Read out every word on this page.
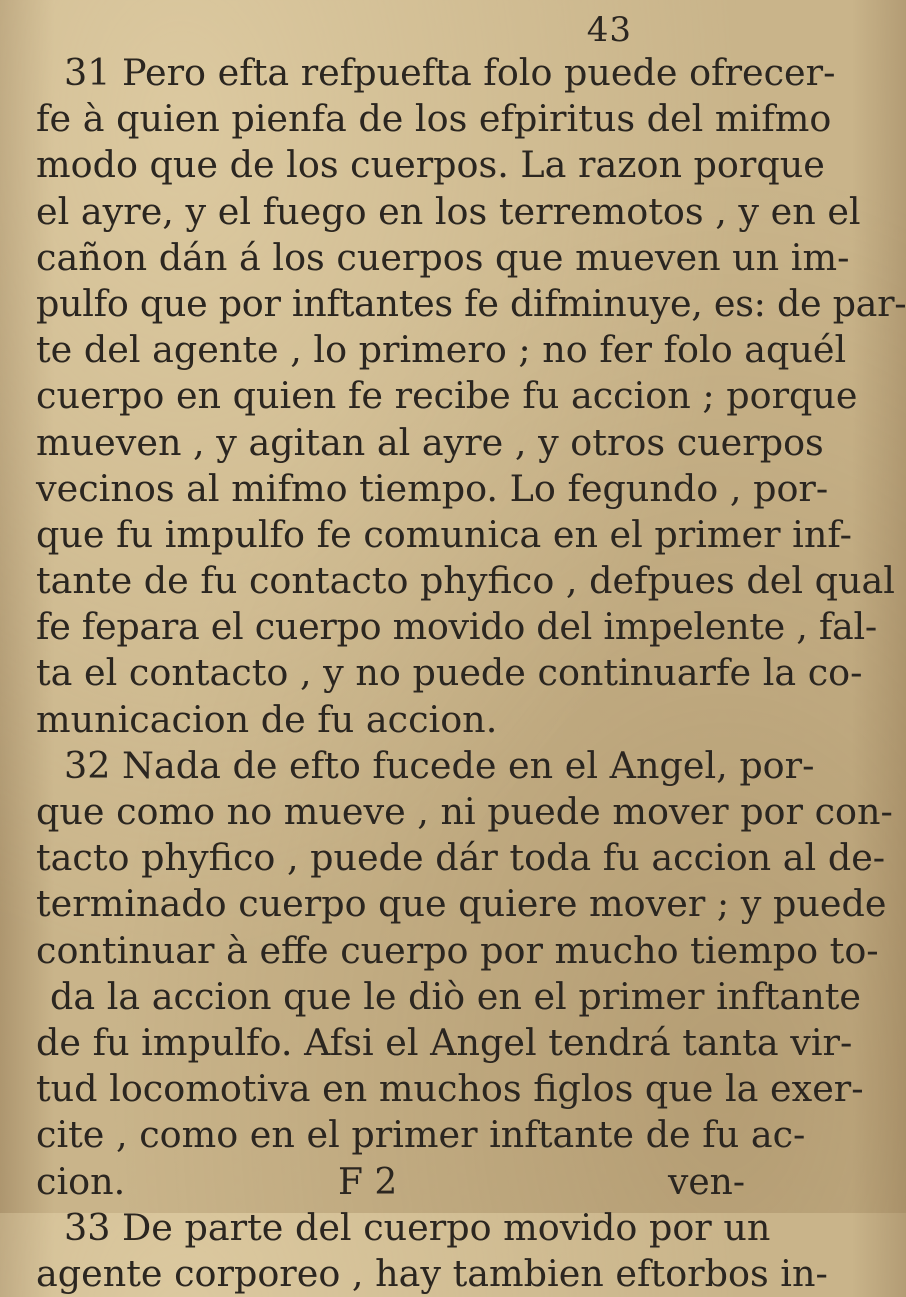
43
31 Pero efta refpuefta folo puede ofrecer-
fe à quien pienfa de los efpiritus del mifmo
modo que de los cuerpos. La razon porque
el ayre, y el fuego en los terremotos , y en el
cañon dán á los cuerpos que mueven un im-
pulfo que por inftantes fe difminuye, es: de par-
te del agente , lo primero ; no fer folo aquél
cuerpo en quien fe recibe fu accion ; porque
mueven , y agitan al ayre , y otros cuerpos
vecinos al mifmo tiempo. Lo fegundo , por-
que fu impulfo fe comunica en el primer inf-
tante de fu contacto phyfico , defpues del qual
fe fepara el cuerpo movido del impelente , fal-
ta el contacto , y no puede continuarfe la co-
municacion de fu accion.
32 Nada de efto fucede en el Angel, por-
que como no mueve , ni puede mover por con-
tacto phyfico , puede dár toda fu accion al de-
terminado cuerpo que quiere mover ; y puede
continuar à effe cuerpo por mucho tiempo to-
da la accion que le diò en el primer inftante
de fu impulfo. Afsi el Angel tendrá tanta vir-
tud locomotiva en muchos figlos que la exer-
cite , como en el primer inftante de fu ac-
cion.
33 De parte del cuerpo movido por un
agente corporeo , hay tambien eftorbos in-
F 2	ven-
